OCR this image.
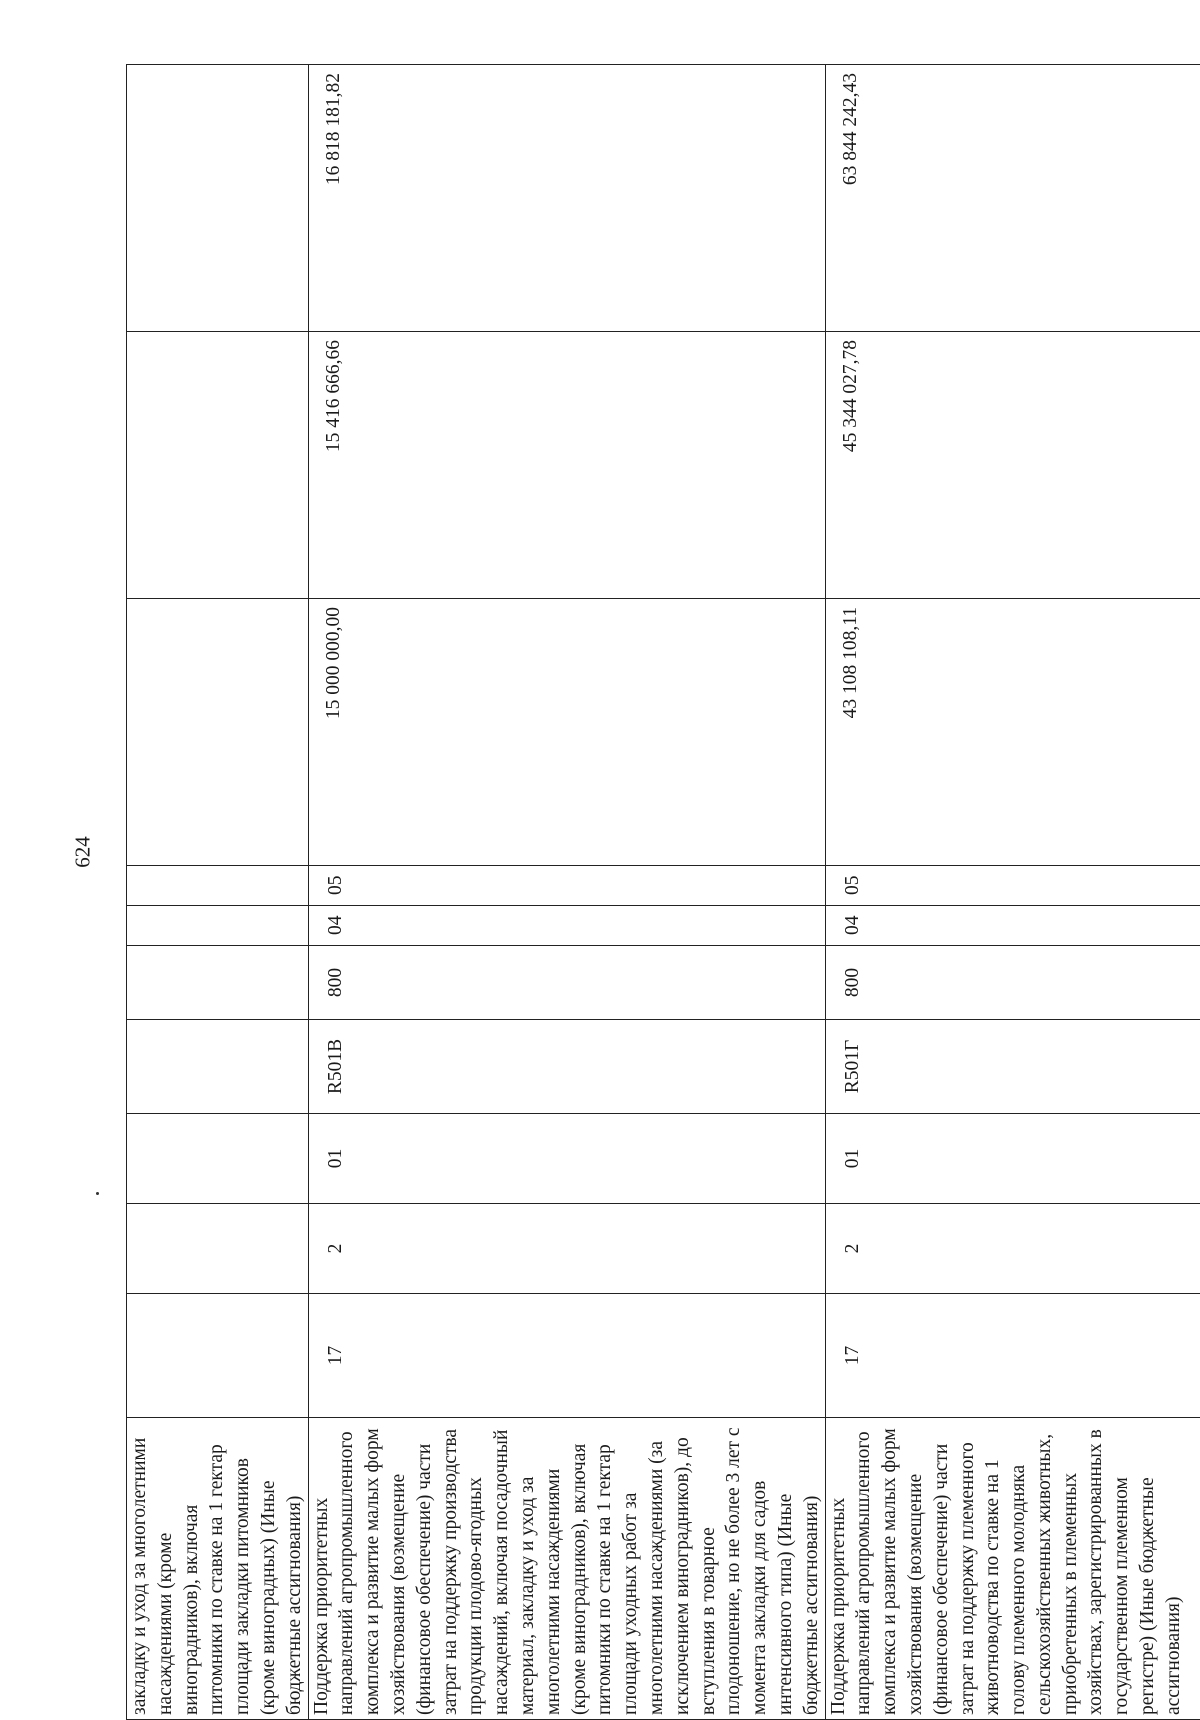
624
закладку и уход за многолетними насаждениями (кроме виноградников), включая питомники по ставке на 1 гектар площади закладки питомников (кроме виноградных) (Иные бюджетные ассигнования)										
Поддержка приоритетных направлений агропромышленного комплекса и развитие малых форм хозяйствования (возмещение (финансовое обеспечение) части затрат на поддержку производства продукции плодово-ягодных насаждений, включая посадочный материал, закладку и уход за многолетними насаждениями (кроме виноградников), включая питомники по ставке на 1 гектар площади уходных работ за многолетними насаждениями (за исключением виноградников), до вступления в товарное плодоношение, но не более 3 лет с момента закладки для садов интенсивного типа) (Иные бюджетные ассигнования)	17	2	01	R501В	800	04	05	15 000 000,00	15 416 666,66	16 818 181,82
Поддержка приоритетных направлений агропромышленного комплекса и развитие малых форм хозяйствования (возмещение (финансовое обеспечение) части затрат на поддержку племенного животноводства по ставке на 1 голову племенного молодняка сельскохозяйственных животных, приобретенных в племенных хозяйствах, зарегистрированных в государственном племенном регистре) (Иные бюджетные ассигнования)	17	2	01	R501Г	800	04	05	43 108 108,11	45 344 027,78	63 844 242,43
